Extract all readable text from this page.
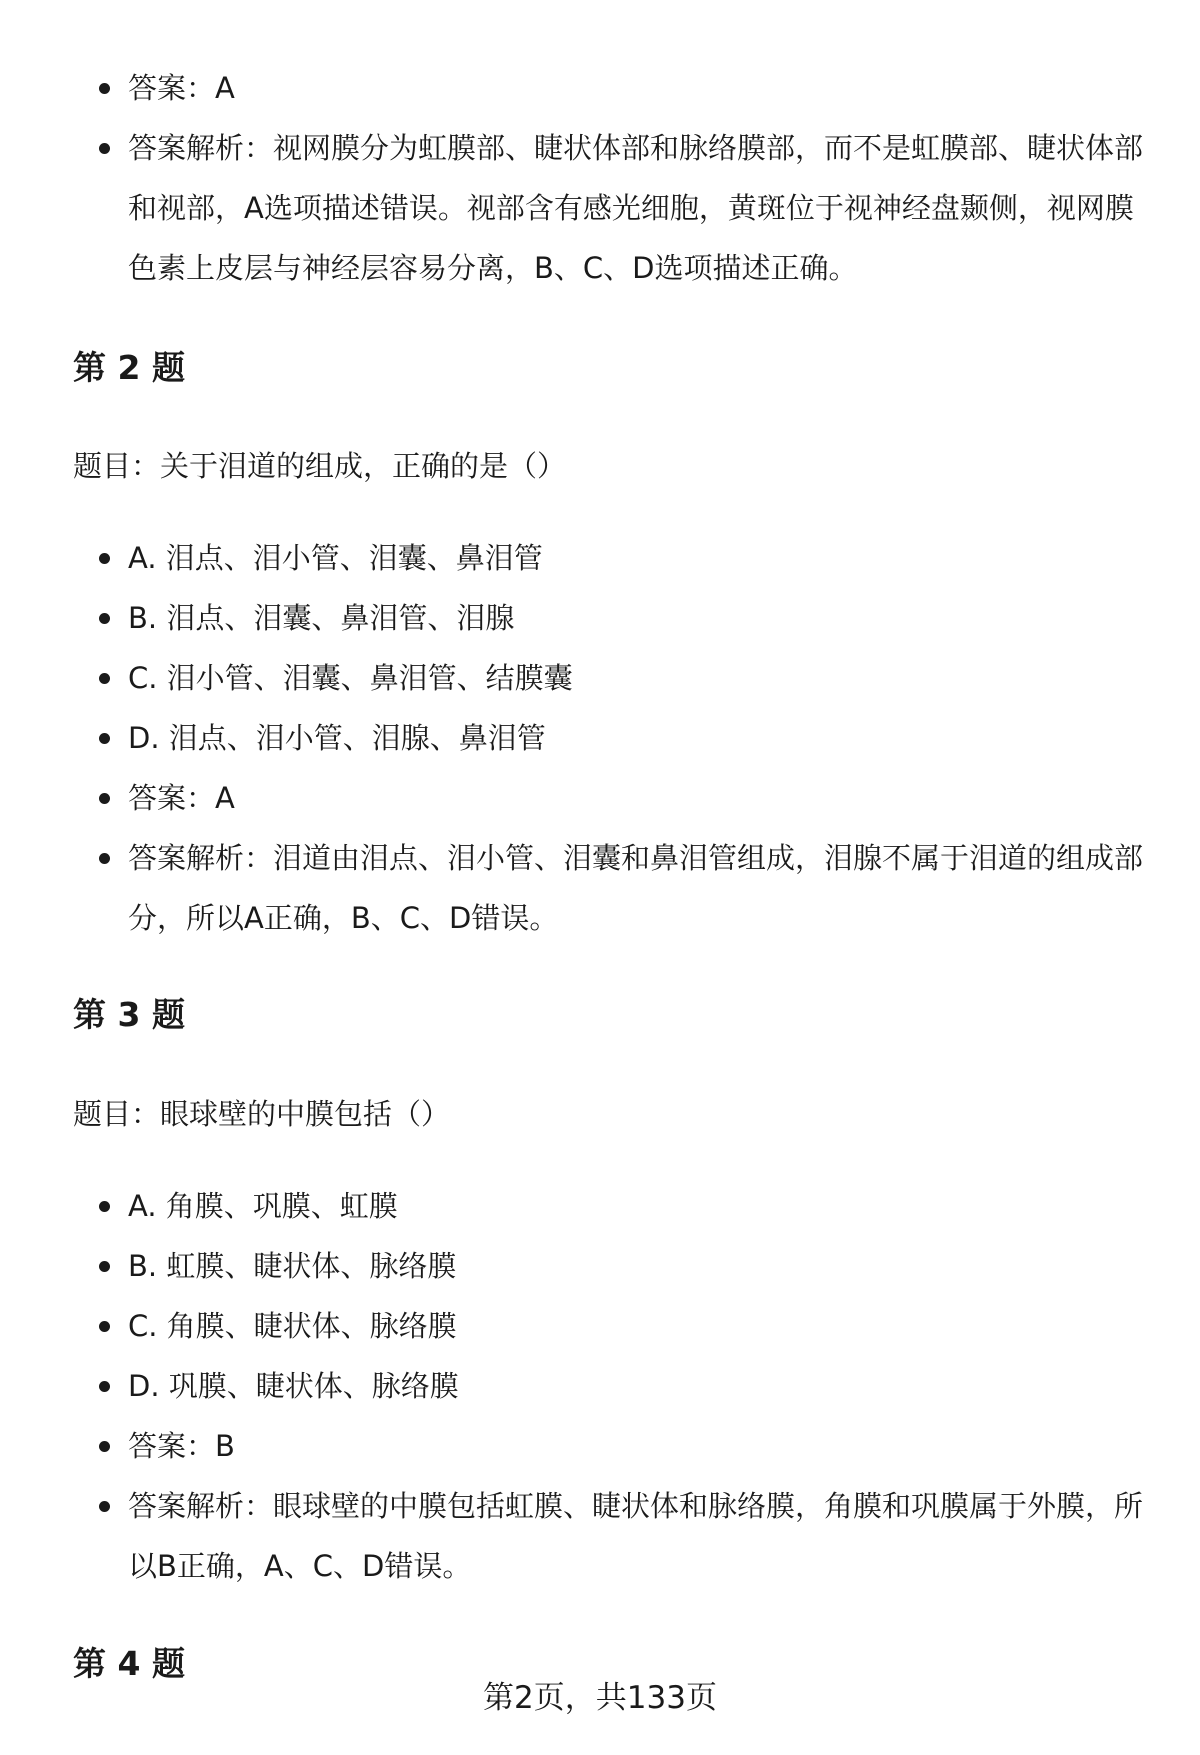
答案：A
答案解析：视网膜分为虹膜部、睫状体部和脉络膜部，而不是虹膜部、睫状体部和视部，A选项描述错误。视部含有感光细胞，黄斑位于视神经盘颞侧，视网膜色素上皮层与神经层容易分离，B、C、D选项描述正确。
第 2 题

题目：关于泪道的组成，正确的是（）

A. 泪点、泪小管、泪囊、鼻泪管
B. 泪点、泪囊、鼻泪管、泪腺
C. 泪小管、泪囊、鼻泪管、结膜囊
D. 泪点、泪小管、泪腺、鼻泪管
答案：A
答案解析：泪道由泪点、泪小管、泪囊和鼻泪管组成，泪腺不属于泪道的组成部分，所以A正确，B、C、D错误。
第 3 题

题目：眼球壁的中膜包括（）

A. 角膜、巩膜、虹膜
B. 虹膜、睫状体、脉络膜
C. 角膜、睫状体、脉络膜
D. 巩膜、睫状体、脉络膜
答案：B
答案解析：眼球壁的中膜包括虹膜、睫状体和脉络膜，角膜和巩膜属于外膜，所以B正确，A、C、D错误。
第 4 题
第2页，共133页
